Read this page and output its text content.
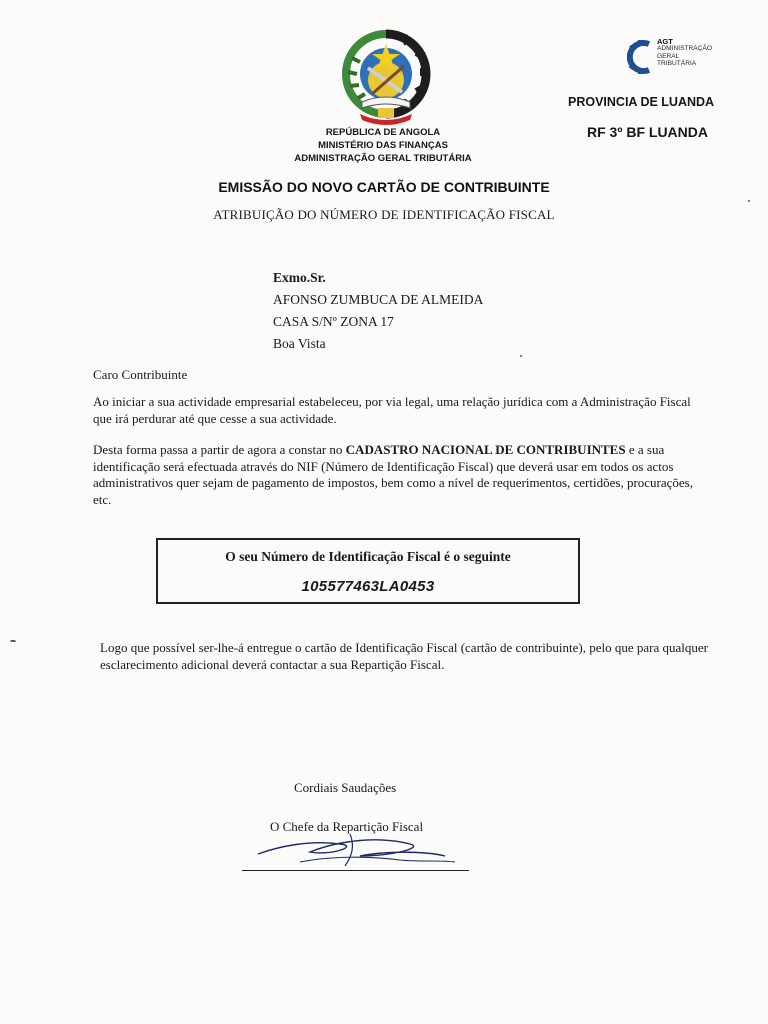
REPÚBLICA DE ANGOLA
MINISTÉRIO DAS FINANÇAS
ADMINISTRAÇÃO GERAL TRIBUTÁRIA
AGT
ADMINISTRAÇÃO
GERAL
TRIBUTÁRIA
PROVINCIA DE LUANDA
RF 3º BF LUANDA
EMISSÃO DO NOVO CARTÃO DE CONTRIBUINTE
ATRIBUIÇÃO DO NÚMERO DE IDENTIFICAÇÃO FISCAL
Exmo.Sr.
AFONSO ZUMBUCA DE ALMEIDA
CASA S/Nº ZONA 17
Boa Vista
Caro Contribuinte
Ao iniciar a sua actividade empresarial estabeleceu, por via legal, uma relação jurídica com a Administração Fiscal que irá perdurar até que cesse a sua actividade.
Desta forma passa a partir de agora a constar no CADASTRO NACIONAL DE CONTRIBUINTES e a sua identificação será efectuada através do NIF (Número de Identificação Fiscal) que deverá usar em todos os actos administrativos quer sejam de pagamento de impostos, bem como a nível de requerimentos, certidões, procurações, etc.
O seu Número de Identificação Fiscal é o seguinte
105577463LA0453
Logo que possível ser-lhe-á entregue o cartão de Identificação Fiscal (cartão de contribuinte), pelo que para qualquer esclarecimento adicional deverá contactar a sua Repartição Fiscal.
Cordiais Saudações
O Chefe da Repartição Fiscal
